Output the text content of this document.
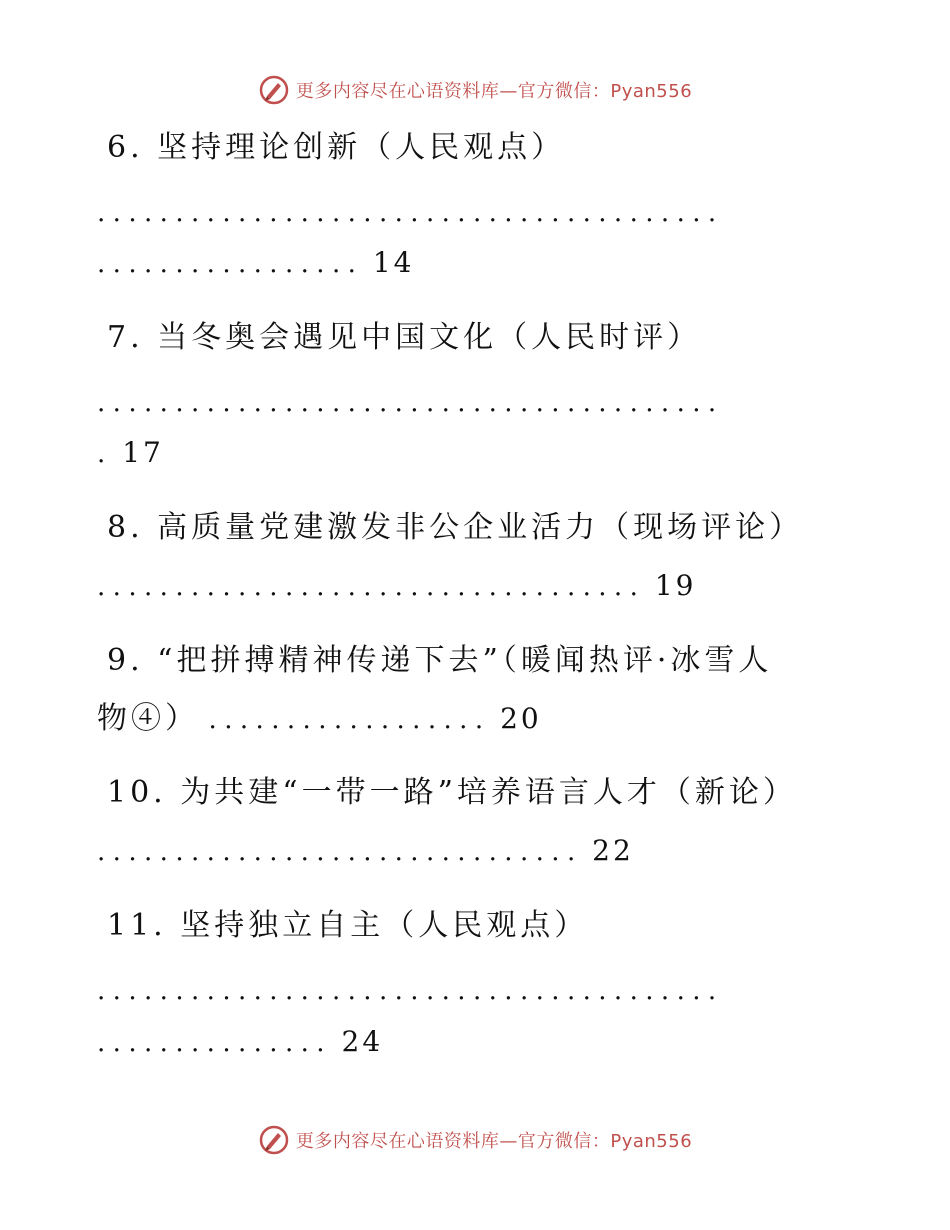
更多内容尽在心语资料库—官方微信：Pyan556
6. 坚持理论创新（人民观点）
........................................
................. 14
7. 当冬奥会遇见中国文化（人民时评）
........................................
. 17
8. 高质量党建激发非公企业活力（现场评论）
................................... 19
9. “把拼搏精神传递下去”（暖闻热评·冰雪人
物④） .................. 20
10. 为共建“一带一路”培养语言人才（新论）
............................... 22
11. 坚持独立自主（人民观点）
........................................
............... 24
更多内容尽在心语资料库—官方微信：Pyan556
